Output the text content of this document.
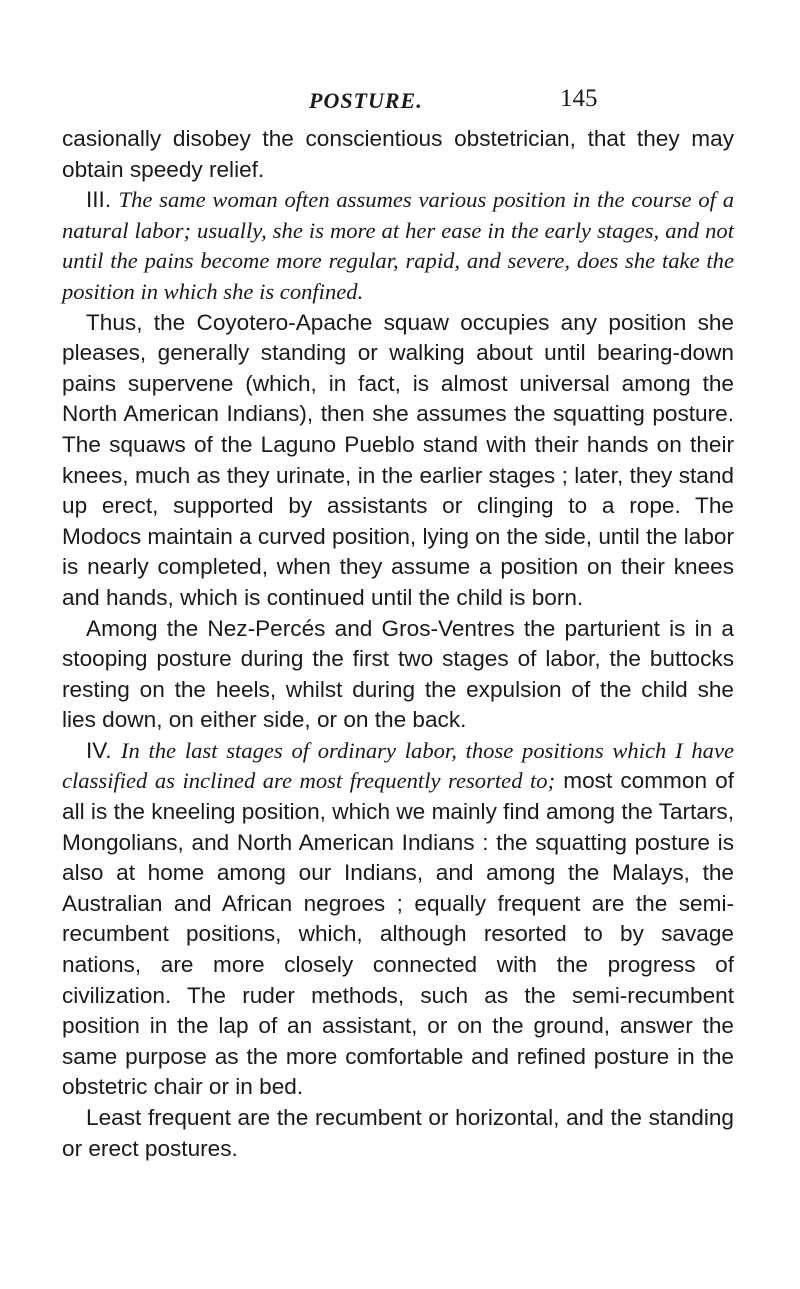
POSTURE.	145

casionally disobey the conscientious obstetrician, that they may obtain speedy relief.

III. The same woman often assumes various position in the course of a natural labor; usually, she is more at her ease in the early stages, and not until the pains become more regular, rapid, and severe, does she take the position in which she is confined.

Thus, the Coyotero-Apache squaw occupies any position she pleases, generally standing or walking about until bearing-down pains supervene (which, in fact, is almost universal among the North American Indians), then she assumes the squatting posture. The squaws of the Laguno Pueblo stand with their hands on their knees, much as they urinate, in the earlier stages ; later, they stand up erect, supported by assistants or clinging to a rope. The Modocs maintain a curved position, lying on the side, until the labor is nearly completed, when they assume a position on their knees and hands, which is continued until the child is born.

Among the Nez-Percés and Gros-Ventres the parturient is in a stooping posture during the first two stages of labor, the buttocks resting on the heels, whilst during the expulsion of the child she lies down, on either side, or on the back.

IV. In the last stages of ordinary labor, those positions which I have classified as inclined are most frequently resorted to; most common of all is the kneeling position, which we mainly find among the Tartars, Mongolians, and North American Indians : the squatting posture is also at home among our Indians, and among the Malays, the Australian and African negroes ; equally frequent are the semi-recumbent positions, which, although resorted to by savage nations, are more closely connected with the progress of civilization. The ruder methods, such as the semi-recumbent position in the lap of an assistant, or on the ground, answer the same purpose as the more comfortable and refined posture in the obstetric chair or in bed.

Least frequent are the recumbent or horizontal, and the standing or erect postures.
